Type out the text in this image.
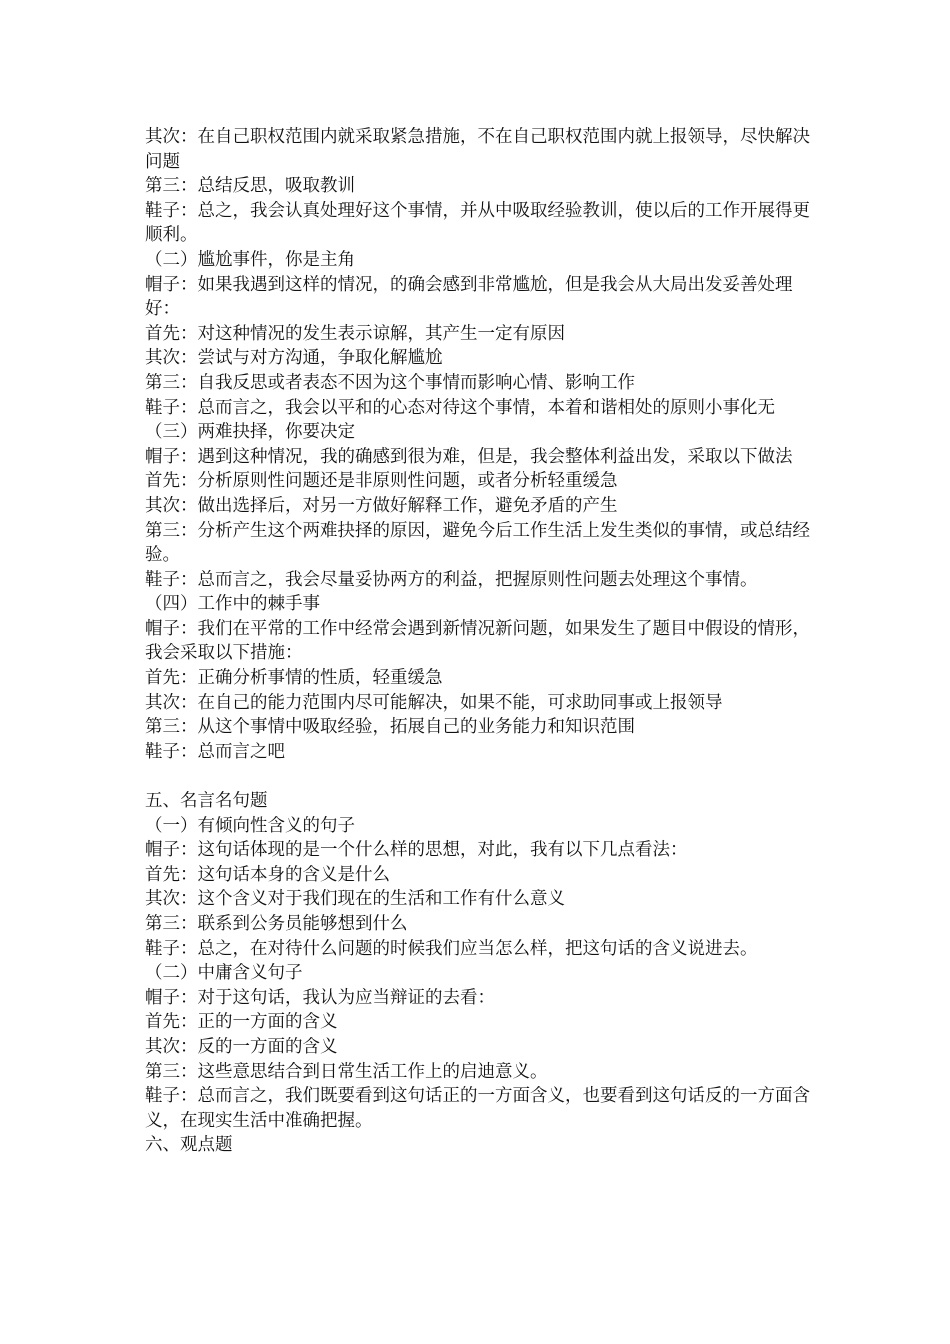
其次：在自己职权范围内就采取紧急措施，不在自己职权范围内就上报领导，尽快解决问题

第三：总结反思，吸取教训

鞋子：总之，我会认真处理好这个事情，并从中吸取经验教训，使以后的工作开展得更顺利。

（二）尴尬事件，你是主角

帽子：如果我遇到这样的情况，的确会感到非常尴尬，但是我会从大局出发妥善处理好：

首先：对这种情况的发生表示谅解，其产生一定有原因

其次：尝试与对方沟通，争取化解尴尬

第三：自我反思或者表态不因为这个事情而影响心情、影响工作

鞋子：总而言之，我会以平和的心态对待这个事情，本着和谐相处的原则小事化无

（三）两难抉择，你要决定

帽子：遇到这种情况，我的确感到很为难，但是，我会整体利益出发，采取以下做法

首先：分析原则性问题还是非原则性问题，或者分析轻重缓急

其次：做出选择后，对另一方做好解释工作，避免矛盾的产生

第三：分析产生这个两难抉择的原因，避免今后工作生活上发生类似的事情，或总结经验。

鞋子：总而言之，我会尽量妥协两方的利益，把握原则性问题去处理这个事情。

（四）工作中的棘手事

帽子：我们在平常的工作中经常会遇到新情况新问题，如果发生了题目中假设的情形，我会采取以下措施：

首先：正确分析事情的性质，轻重缓急

其次：在自己的能力范围内尽可能解决，如果不能，可求助同事或上报领导

第三：从这个事情中吸取经验，拓展自己的业务能力和知识范围

鞋子：总而言之吧

五、名言名句题

（一）有倾向性含义的句子

帽子：这句话体现的是一个什么样的思想，对此，我有以下几点看法：

首先：这句话本身的含义是什么

其次：这个含义对于我们现在的生活和工作有什么意义

第三：联系到公务员能够想到什么

鞋子：总之，在对待什么问题的时候我们应当怎么样，把这句话的含义说进去。

（二）中庸含义句子

帽子：对于这句话，我认为应当辩证的去看：

首先：正的一方面的含义

其次：反的一方面的含义

第三：这些意思结合到日常生活工作上的启迪意义。

鞋子：总而言之，我们既要看到这句话正的一方面含义，也要看到这句话反的一方面含义，在现实生活中准确把握。

六、观点题
